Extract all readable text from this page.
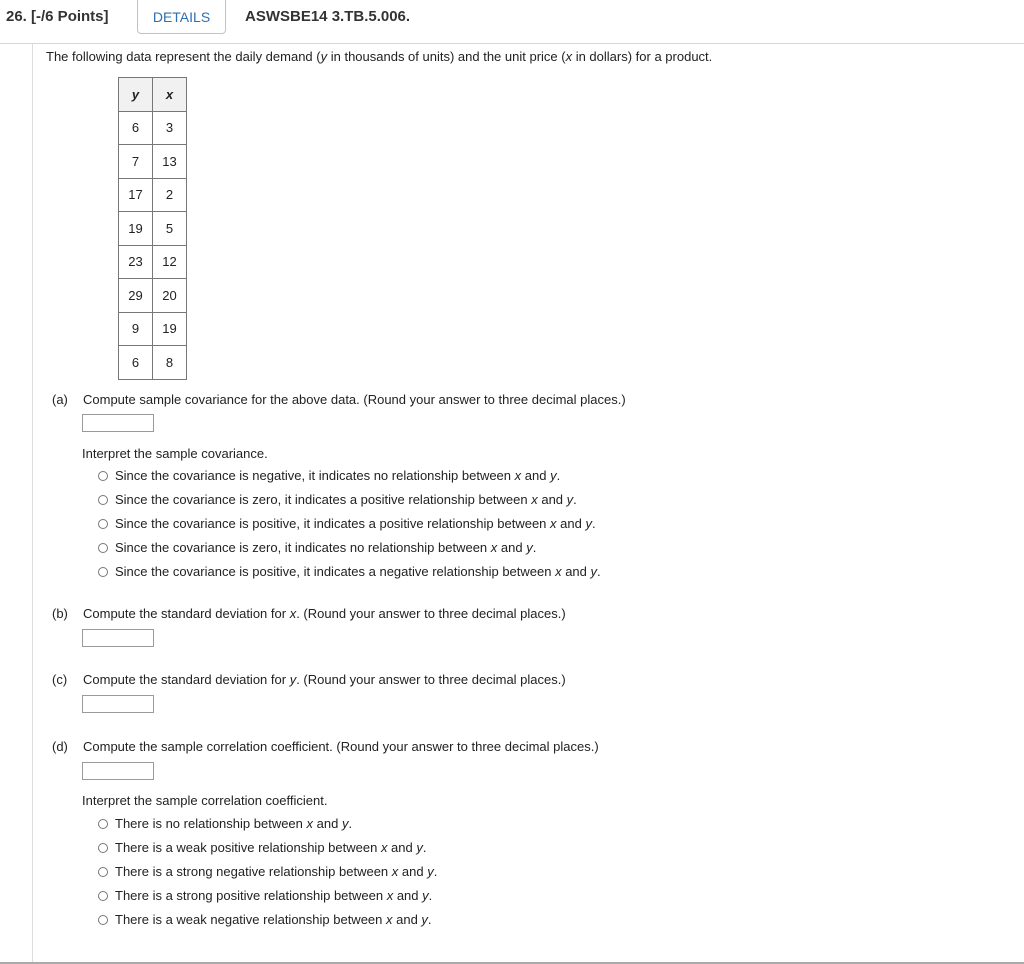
26. [-/6 Points]	DETAILS	ASWSBE14 3.TB.5.006.
The following data represent the daily demand (y in thousands of units) and the unit price (x in dollars) for a product.
y	x
6	3
7	13
17	2
19	5
23	12
29	20
9	19
6	8
(a) Compute sample covariance for the above data. (Round your answer to three decimal places.)
Interpret the sample covariance.
Since the covariance is negative, it indicates no relationship between x and y.
Since the covariance is zero, it indicates a positive relationship between x and y.
Since the covariance is positive, it indicates a positive relationship between x and y.
Since the covariance is zero, it indicates no relationship between x and y.
Since the covariance is positive, it indicates a negative relationship between x and y.
(b) Compute the standard deviation for x. (Round your answer to three decimal places.)
(c) Compute the standard deviation for y. (Round your answer to three decimal places.)
(d) Compute the sample correlation coefficient. (Round your answer to three decimal places.)
Interpret the sample correlation coefficient.
There is no relationship between x and y.
There is a weak positive relationship between x and y.
There is a strong negative relationship between x and y.
There is a strong positive relationship between x and y.
There is a weak negative relationship between x and y.
